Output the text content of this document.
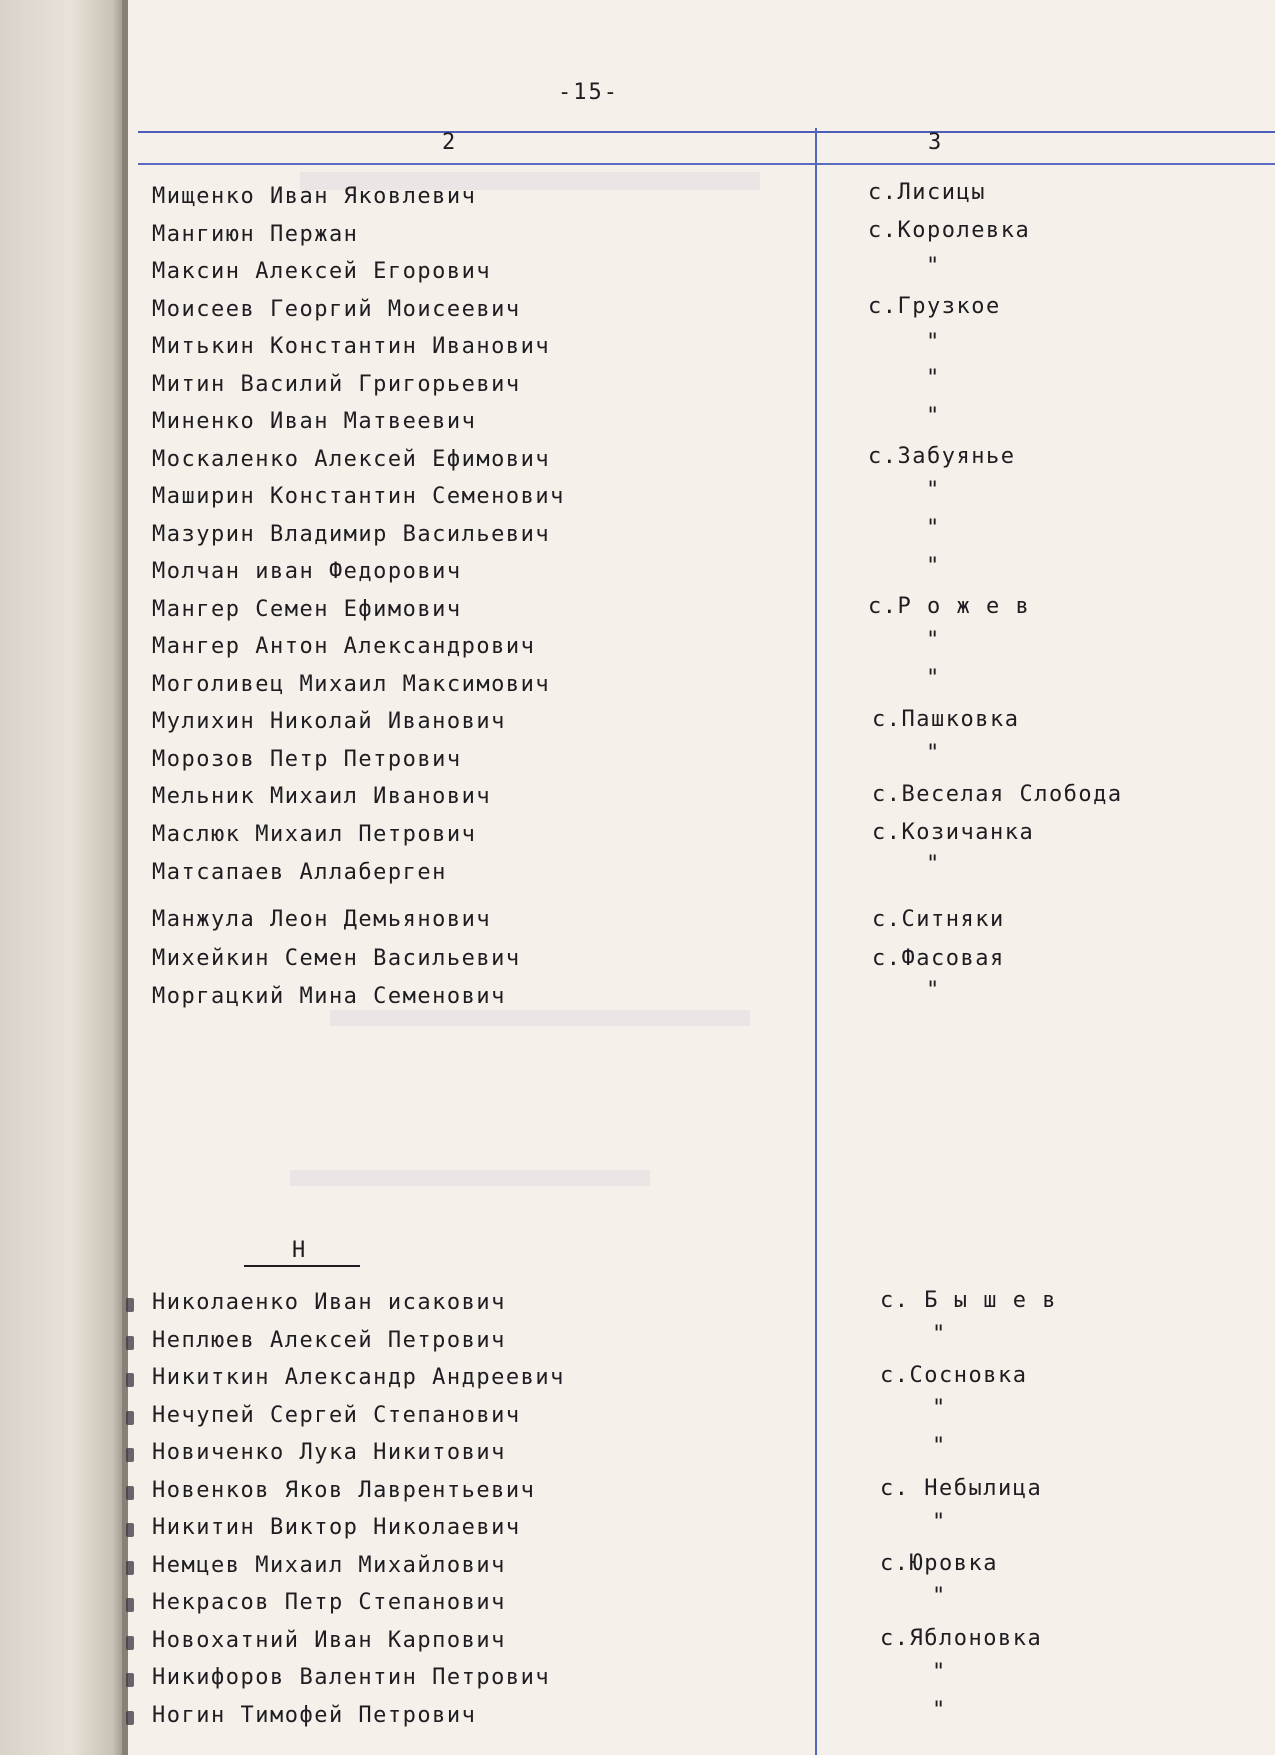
-15-
2	3
Мищенко Иван Яковлевич	с.Лисицы
Мангиюн Пержан	с.Королевка
Максин Алексей Егорович	"
Моисеев Георгий Моисеевич	с.Грузкое
Митькин Константин Иванович	"
Митин Василий Григорьевич	"
Миненко Иван Матвеевич	"
Москаленко Алексей Ефимович	с.Забуянье
Маширин Константин Семенович	"
Мазурин Владимир Васильевич	"
Молчан иван Федорович	"
Мангер Семен Ефимович	с.Р о ж е в
Мангер Антон Александрович	"
Моголивец Михаил Максимович	"
Мулихин Николай Иванович	с.Пашковка
Морозов Петр Петрович	"
Мельник Михаил Иванович	с.Веселая Слобода
Маслюк Михаил Петрович	с.Козичанка
Матсапаев Аллаберген	"
Манжула Леон Демьянович	с.Ситняки
Михейкин Семен Васильевич	с.Фасовая
Моргацкий Мина Семенович	"
Н
Николаенко Иван исакович	с. Б ы ш е в
Неплюев Алексей Петрович	"
Никиткин Александр Андреевич	с.Сосновка
Нечупей Сергей Степанович	"
Новиченко Лука Никитович	"
Новенков Яков Лаврентьевич	с. Небылица
Никитин Виктор Николаевич	"
Немцев Михаил Михайлович	с.Юровка
Некрасов Петр Степанович	"
Новохатний Иван Карпович	с.Яблоновка
Никифоров Валентин Петрович	"
Ногин Тимофей Петрович	"
